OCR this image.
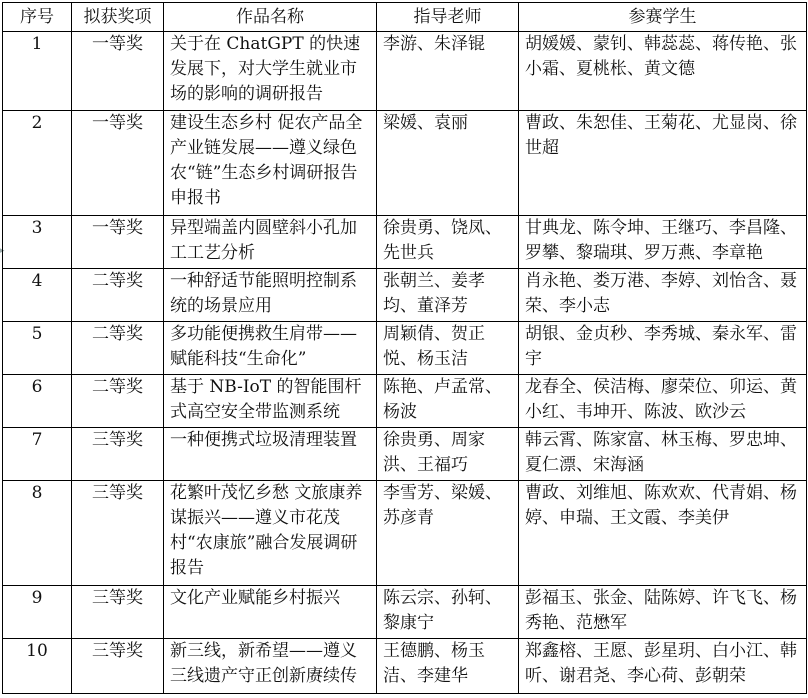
▸
序号	拟获奖项	作品名称	指导老师	参赛学生
1	一等奖	关于在 ChatGPT 的快速发展下，对大学生就业市场的影响的调研报告	李游、朱泽锟	胡媛媛、蒙钊、韩蕊蕊、蒋传艳、张小霜、夏桃枨、黄文德
2	一等奖	建设生态乡村 促农产品全产业链发展——遵义绿色农“链”生态乡村调研报告申报书	梁媛、袁丽	曹政、朱恕佳、王菊花、尤显岗、徐世超
3	一等奖	异型端盖内圆壁斜小孔加工工艺分析	徐贵勇、饶凤、先世兵	甘典龙、陈令坤、王继巧、李昌隆、罗攀、黎瑞琪、罗万燕、李章艳
4	二等奖	一种舒适节能照明控制系统的场景应用	张朝兰、姜孝均、董泽芳	肖永艳、娄万港、李婷、刘怡含、聂荣、李小志
5	二等奖	多功能便携救生肩带——赋能科技“生命化”	周颖倩、贺正悦、杨玉洁	胡银、金贞秒、李秀城、秦永军、雷宇
6	二等奖	基于 NB-IoT 的智能围杆式高空安全带监测系统	陈艳、卢孟常、杨波	龙春全、侯洁梅、廖荣位、卯运、黄小红、韦坤开、陈波、欧沙云
7	三等奖	一种便携式垃圾清理装置	徐贵勇、周家洪、王福巧	韩云霄、陈家富、林玉梅、罗忠坤、夏仁漂、宋海涵
8	三等奖	花繁叶茂忆乡愁 文旅康养谋振兴——遵义市花茂村“农康旅”融合发展调研报告	李雪芳、梁媛、苏彦青	曹政、刘维旭、陈欢欢、代青娟、杨婷、申瑞、王文霞、李美伊
9	三等奖	文化产业赋能乡村振兴	陈云宗、孙轲、黎康宁	彭福玉、张金、陆陈婷、许飞飞、杨秀艳、范懋军
10	三等奖	新三线，新希望——遵义三线遗产守正创新赓续传	王德鹏、杨玉洁、李建华	郑鑫榕、王愿、彭星玥、白小江、韩听、谢君尧、李心荷、彭朝荣
